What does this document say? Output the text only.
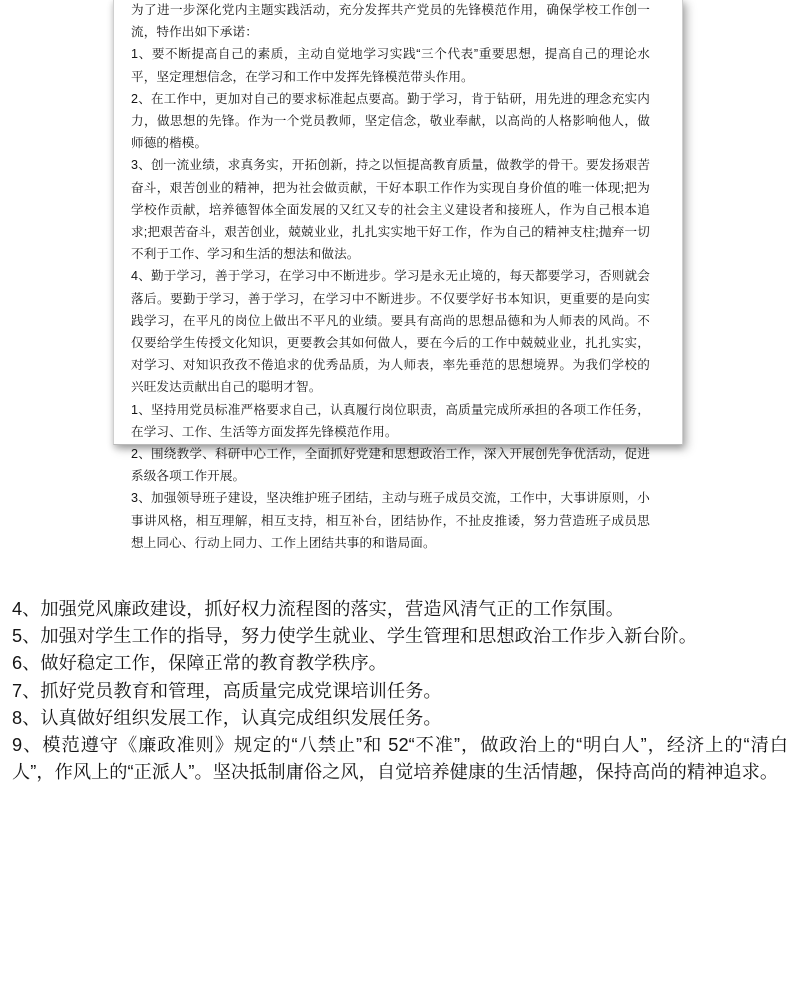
为了进一步深化党内主题实践活动，充分发挥共产党员的先锋模范作用，确保学校工作创一流，特作出如下承诺：

1、要不断提高自己的素质，主动自觉地学习实践“三个代表”重要思想，提高自己的理论水平，坚定理想信念，在学习和工作中发挥先锋模范带头作用。

2、在工作中，更加对自己的要求标准起点要高。勤于学习，肯于钻研，用先进的理念充实内力，做思想的先锋。作为一个党员教师，坚定信念，敬业奉献，以高尚的人格影响他人，做师德的楷模。

3、创一流业绩，求真务实，开拓创新，持之以恒提高教育质量，做教学的骨干。要发扬艰苦奋斗，艰苦创业的精神，把为社会做贡献，干好本职工作作为实现自身价值的唯一体现;把为学校作贡献，培养德智体全面发展的又红又专的社会主义建设者和接班人，作为自己根本追求;把艰苦奋斗，艰苦创业，兢兢业业，扎扎实实地干好工作，作为自己的精神支柱;抛弃一切不利于工作、学习和生活的想法和做法。

4、勤于学习，善于学习，在学习中不断进步。学习是永无止境的，每天都要学习，否则就会落后。要勤于学习，善于学习，在学习中不断进步。不仅要学好书本知识，更重要的是向实践学习，在平凡的岗位上做出不平凡的业绩。要具有高尚的思想品德和为人师表的风尚。不仅要给学生传授文化知识，更要教会其如何做人，要在今后的工作中兢兢业业，扎扎实实，对学习、对知识孜孜不倦追求的优秀品质，为人师表，率先垂范的思想境界。为我们学校的兴旺发达贡献出自己的聪明才智。

1、坚持用党员标准严格要求自己，认真履行岗位职责，高质量完成所承担的各项工作任务，在学习、工作、生活等方面发挥先锋模范作用。

2、围绕教学、科研中心工作，全面抓好党建和思想政治工作，深入开展创先争优活动，促进系级各项工作开展。

3、加强领导班子建设，坚决维护班子团结，主动与班子成员交流，工作中，大事讲原则，小事讲风格，相互理解，相互支持，相互补台，团结协作，不扯皮推诿，努力营造班子成员思想上同心、行动上同力、工作上团结共事的和谐局面。

4、加强党风廉政建设，抓好权力流程图的落实，营造风清气正的工作氛围。

5、加强对学生工作的指导，努力使学生就业、学生管理和思想政治工作步入新台阶。

6、做好稳定工作，保障正常的教育教学秩序。

7、抓好党员教育和管理，高质量完成党课培训任务。

8、认真做好组织发展工作，认真完成组织发展任务。

9、模范遵守《廉政准则》规定的“八禁止”和 52“不准”，做政治上的“明白人”，经济上的“清白人”，作风上的“正派人”。坚决抵制庸俗之风，自觉培养健康的生活情趣，保持高尚的精神追求。
